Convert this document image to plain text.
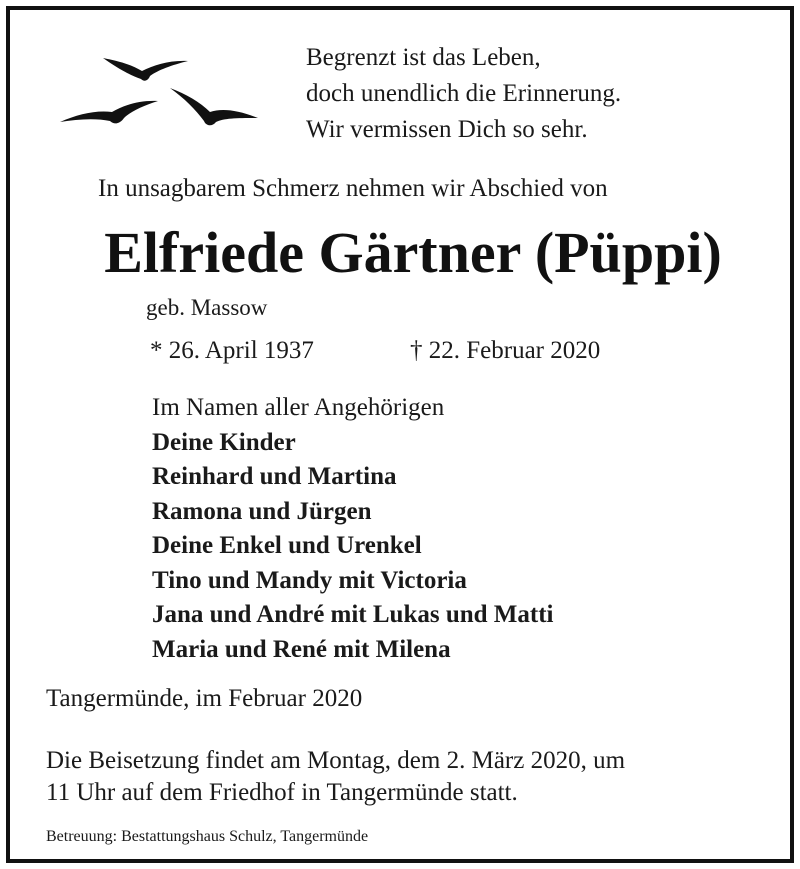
Begrenzt ist das Leben,
doch unendlich die Erinnerung.
Wir vermissen Dich so sehr.

In unsagbarem Schmerz nehmen wir Abschied von

Elfriede Gärtner (Püppi)

geb. Massow

* 26. April 1937	† 22. Februar 2020

Im Namen aller Angehörigen
Deine Kinder
Reinhard und Martina
Ramona und Jürgen
Deine Enkel und Urenkel
Tino und Mandy mit Victoria
Jana und André mit Lukas und Matti
Maria und René mit Milena

Tangermünde, im Februar 2020

Die Beisetzung findet am Montag, dem 2. März 2020, um
11 Uhr auf dem Friedhof in Tangermünde statt.

Betreuung: Bestattungshaus Schulz, Tangermünde
